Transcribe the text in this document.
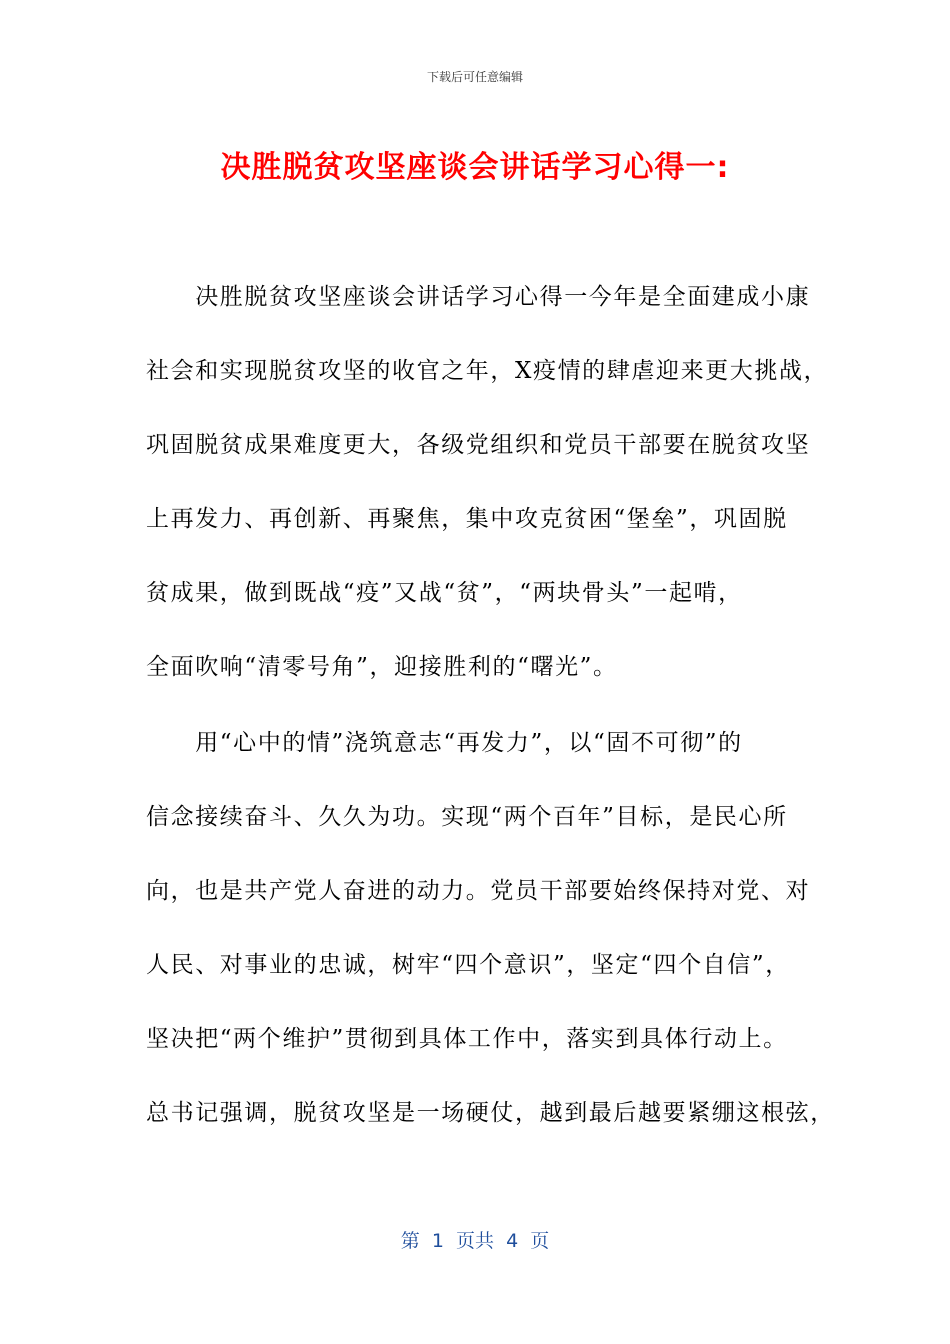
下载后可任意编辑
决胜脱贫攻坚座谈会讲话学习心得一:
　　决胜脱贫攻坚座谈会讲话学习心得一今年是全面建成小康
社会和实现脱贫攻坚的收官之年，X疫情的肆虐迎来更大挑战，
巩固脱贫成果难度更大，各级党组织和党员干部要在脱贫攻坚
上再发力、再创新、再聚焦，集中攻克贫困“堡垒”，巩固脱
贫成果，做到既战“疫”又战“贫”，“两块骨头”一起啃，
全面吹响“清零号角”，迎接胜利的“曙光”。
　　用“心中的情”浇筑意志“再发力”，以“固不可彻”的
信念接续奋斗、久久为功。实现“两个百年”目标，是民心所
向，也是共产党人奋进的动力。党员干部要始终保持对党、对
人民、对事业的忠诚，树牢“四个意识”，坚定“四个自信”，
坚决把“两个维护”贯彻到具体工作中，落实到具体行动上。
总书记强调，脱贫攻坚是一场硬仗，越到最后越要紧绷这根弦，
第  1  页共  4  页
